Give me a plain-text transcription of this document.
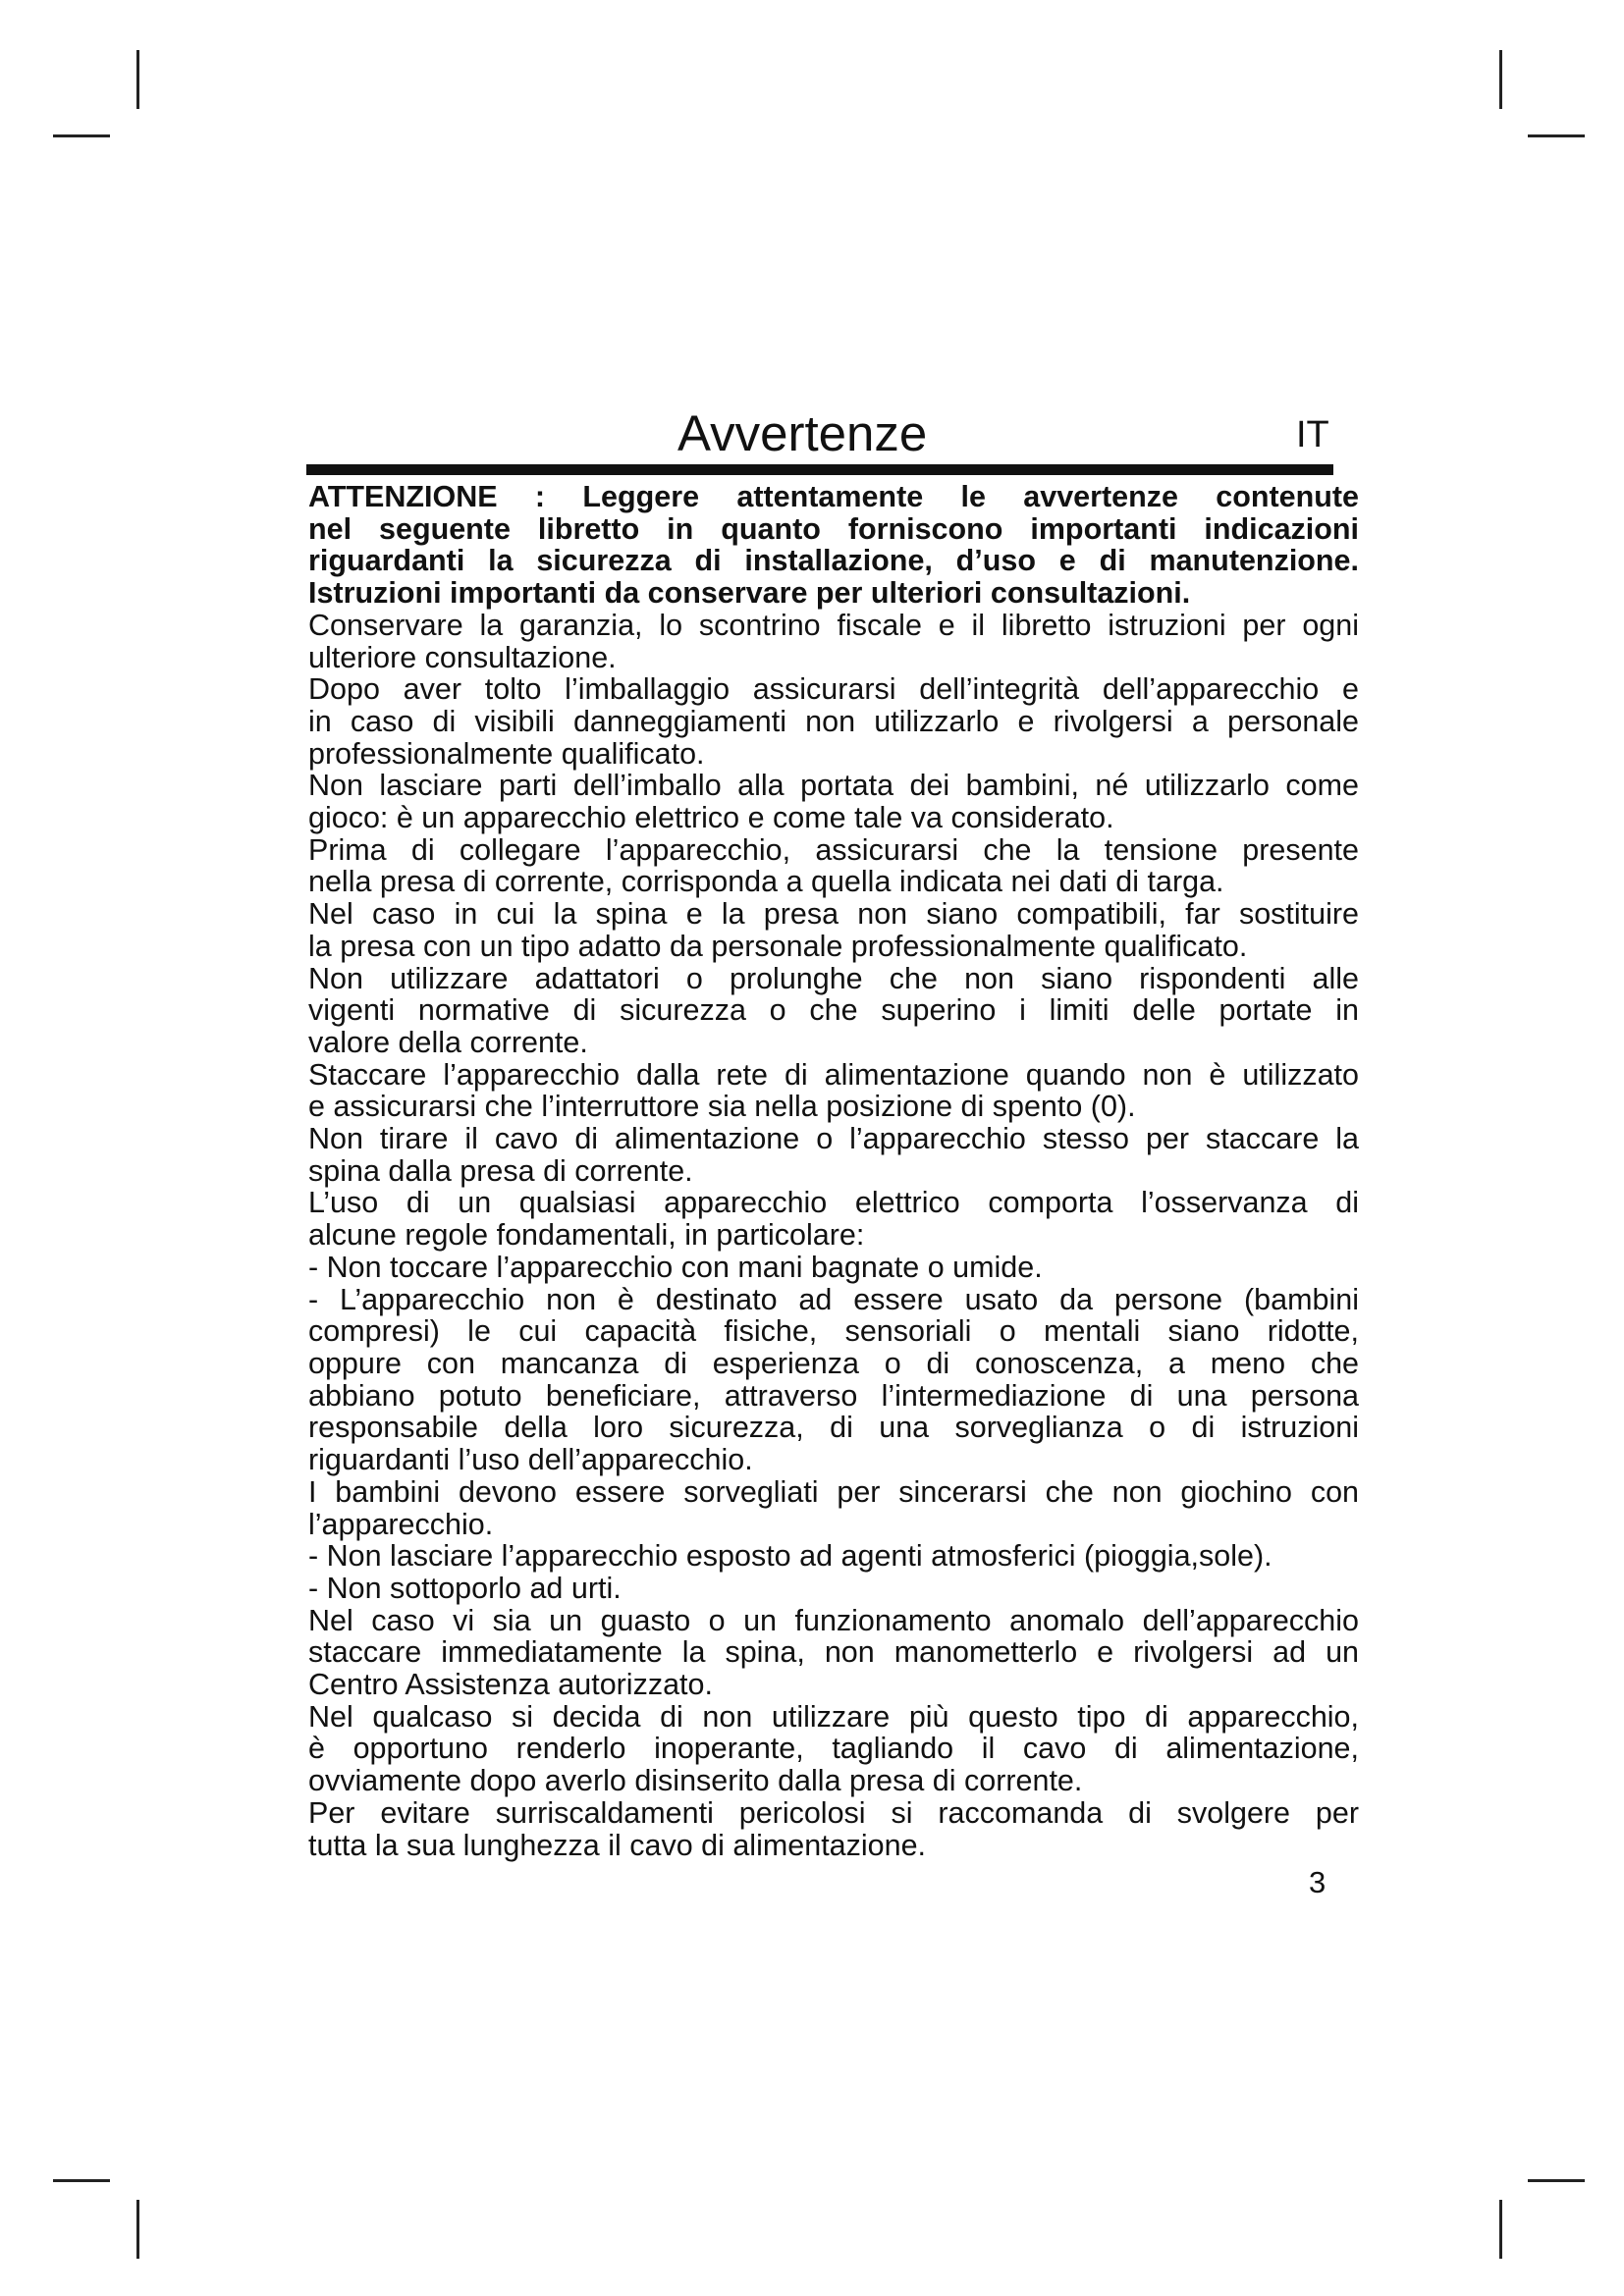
Avvertenze	IT
ATTENZIONE : Leggere attentamente le avvertenze contenute
nel seguente libretto in quanto forniscono importanti indicazioni
riguardanti la sicurezza di installazione, d’uso e di manutenzione.
Istruzioni importanti da conservare per ulteriori consultazioni.
Conservare la garanzia, lo scontrino fiscale e il libretto istruzioni per ogni
ulteriore consultazione.
Dopo aver tolto l’imballaggio assicurarsi dell’integrità dell’apparecchio e
in caso di visibili danneggiamenti non utilizzarlo e rivolgersi a personale
professionalmente qualificato.
Non lasciare parti dell’imballo alla portata dei bambini, né utilizzarlo come
gioco: è un apparecchio elettrico e come tale va considerato.
Prima di collegare l’apparecchio, assicurarsi che la tensione presente
nella presa di corrente, corrisponda a quella indicata nei dati di targa.
Nel caso in cui la spina e la presa non siano compatibili, far sostituire
la presa con un tipo adatto da personale professionalmente qualificato.
Non utilizzare adattatori o prolunghe che non siano rispondenti alle
vigenti normative di sicurezza o che superino i limiti delle portate in
valore della corrente.
Staccare l’apparecchio dalla rete di alimentazione quando non è utilizzato
e assicurarsi che l’interruttore sia nella posizione di spento (0).
Non tirare il cavo di alimentazione o l’apparecchio stesso per staccare la
spina dalla presa di corrente.
L’uso di un qualsiasi apparecchio elettrico comporta l’osservanza di
alcune regole fondamentali, in particolare:
- Non toccare l’apparecchio con mani bagnate o umide.
- L’apparecchio non è destinato ad essere usato da persone (bambini
compresi) le cui capacità fisiche, sensoriali o mentali siano ridotte,
oppure con mancanza di esperienza o di conoscenza, a meno che
abbiano potuto beneficiare, attraverso l’intermediazione di una persona
responsabile della loro sicurezza, di una sorveglianza o di istruzioni
riguardanti l’uso dell’apparecchio.
I bambini devono essere sorvegliati per sincerarsi che non giochino con
l’apparecchio.
- Non lasciare l’apparecchio esposto ad agenti atmosferici (pioggia,sole).
- Non sottoporlo ad urti.
Nel caso vi sia un guasto o un funzionamento anomalo dell’apparecchio
staccare immediatamente la spina, non manometterlo e rivolgersi ad un
Centro Assistenza autorizzato.
Nel qualcaso si decida di non utilizzare più questo tipo di apparecchio,
è opportuno renderlo inoperante, tagliando il cavo di alimentazione,
ovviamente dopo averlo disinserito dalla presa di corrente.
Per evitare surriscaldamenti pericolosi si raccomanda di svolgere per
tutta la sua lunghezza il cavo di alimentazione.
3
